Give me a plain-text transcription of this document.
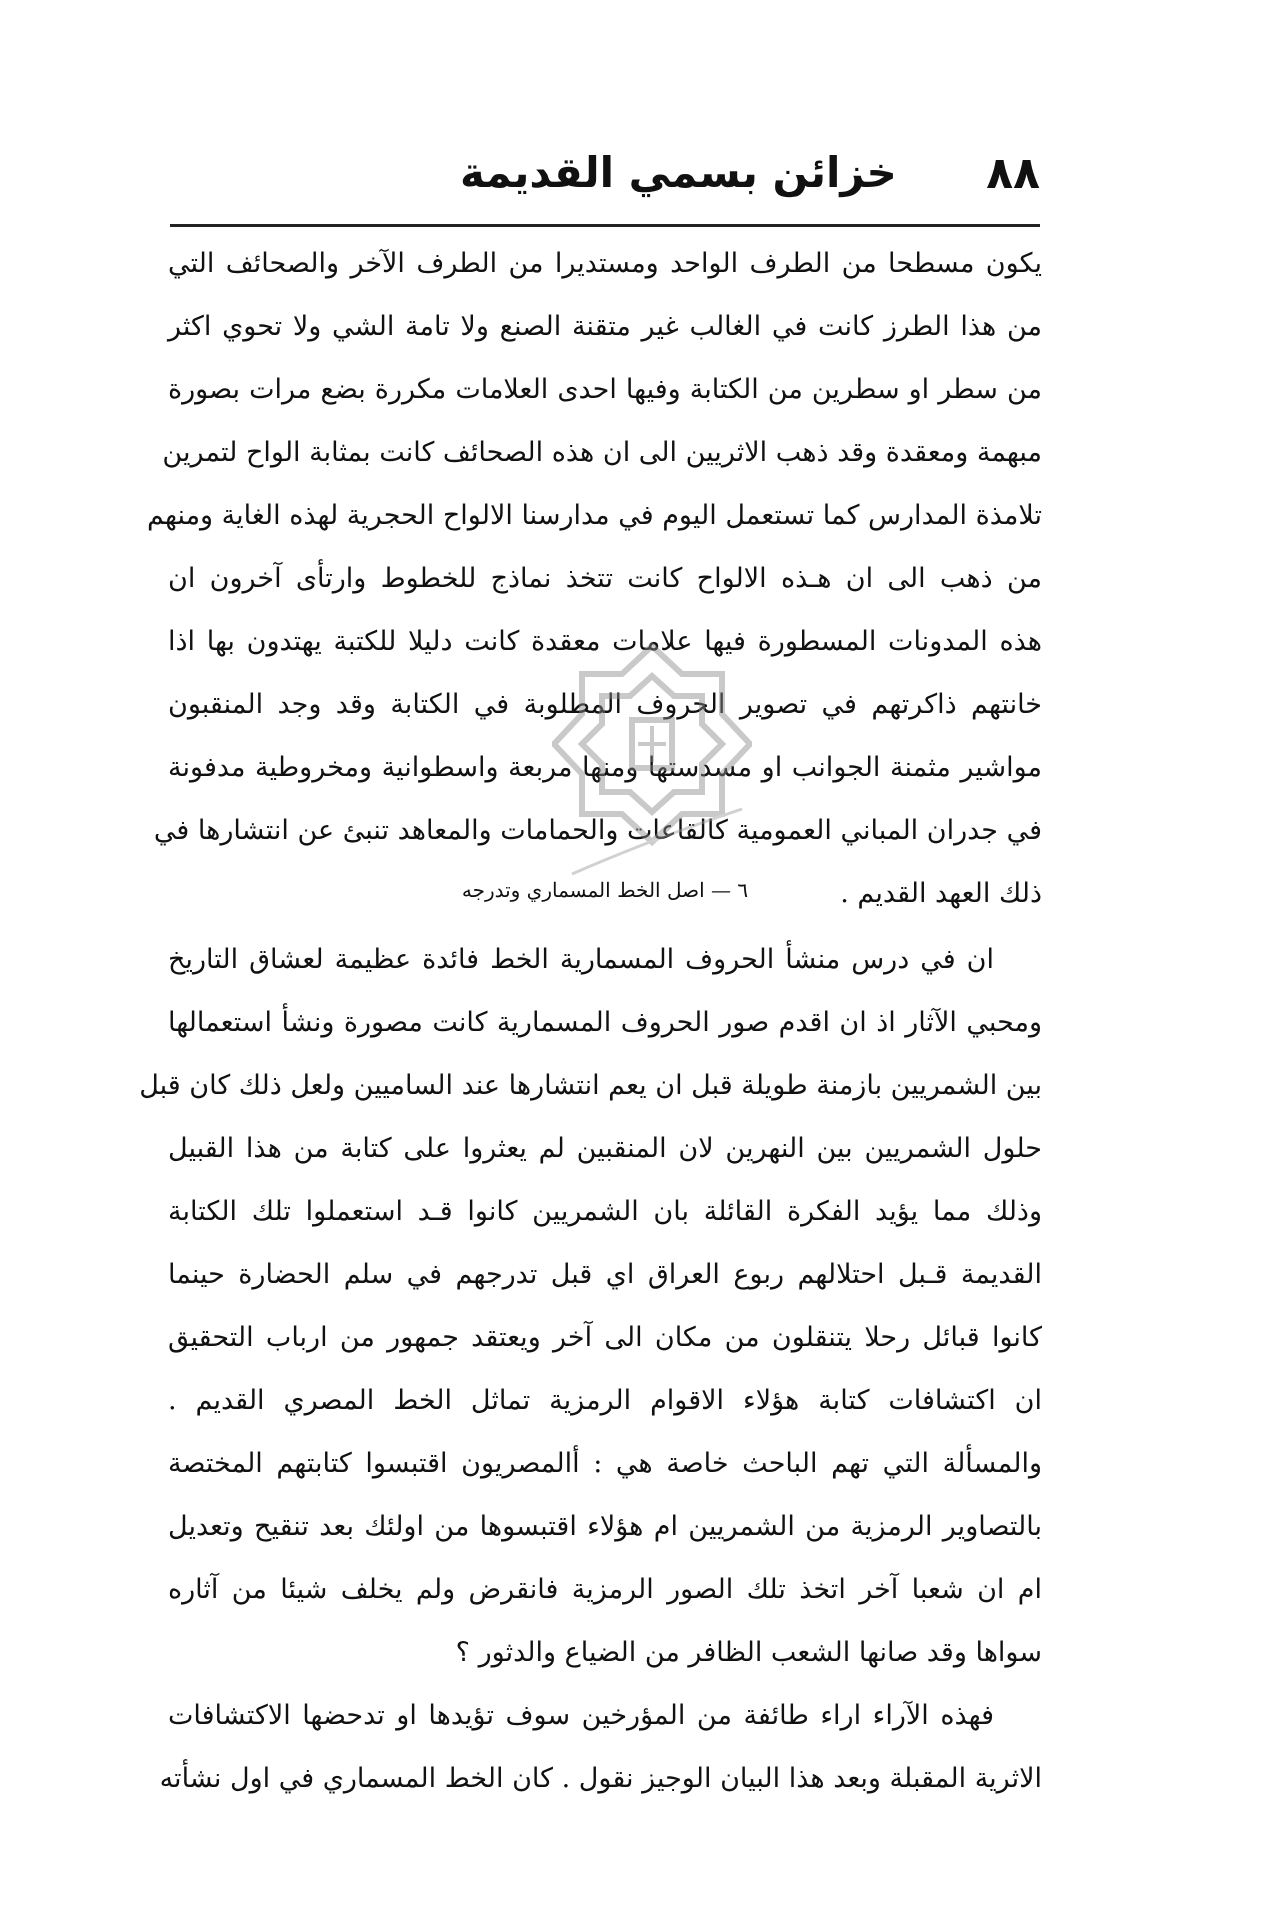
٨٨
خزائن بسمي القديمة
يكون مسطحا من الطرف الواحد ومستديرا من الطرف الآخر والصحائف التي
من هذا الطرز كانت في الغالب غير متقنة الصنع ولا تامة الشي ولا تحوي اكثر
من سطر او سطرين من الكتابة وفيها احدى العلامات مكررة بضع مرات بصورة
مبهمة ومعقدة وقد ذهب الاثريين الى ان هذه الصحائف كانت بمثابة الواح لتمرين
تلامذة المدارس كما تستعمل اليوم في مدارسنا الالواح الحجرية لهذه الغاية ومنهم
من ذهب الى ان هـذه الالواح كانت تتخذ نماذج للخطوط وارتأى آخرون ان
هذه المدونات المسطورة فيها علامات معقدة كانت دليلا للكتبة يهتدون بها اذا
خانتهم ذاكرتهم في تصوير الحروف المطلوبة في الكتابة وقد وجد المنقبون
مواشير مثمنة الجوانب او مسدستها ومنها مربعة واسطوانية ومخروطية مدفونة
في جدران المباني العمومية كالقاعات والحمامات والمعاهد تنبئ عن انتشارها في
ذلك العهد القديم .
٦ — اصل الخط المسماري وتدرجه
ان في درس منشأ الحروف المسمارية الخط فائدة عظيمة لعشاق التاريخ
ومحبي الآثار اذ ان اقدم صور الحروف المسمارية كانت مصورة ونشأ استعمالها
بين الشمريين بازمنة طويلة قبل ان يعم انتشارها عند الساميين ولعل ذلك كان قبل
حلول الشمريين بين النهرين لان المنقبين لم يعثروا على كتابة من هذا القبيل
وذلك مما يؤيد الفكرة القائلة بان الشمريين كانوا قـد استعملوا تلك الكتابة
القديمة قـبل احتلالهم ربوع العراق اي قبل تدرجهم في سلم الحضارة حينما
كانوا قبائل رحلا يتنقلون من مكان الى آخر ويعتقد جمهور من ارباب التحقيق
ان اكتشافات كتابة هؤلاء الاقوام الرمزية تماثل الخط المصري القديم .
والمسألة التي تهم الباحث خاصة هي : أالمصريون اقتبسوا كتابتهم المختصة
بالتصاوير الرمزية من الشمريين ام هؤلاء اقتبسوها من اولئك بعد تنقيح وتعديل
ام ان شعبا آخر اتخذ تلك الصور الرمزية فانقرض ولم يخلف شيئا من آثاره
سواها وقد صانها الشعب الظافر من الضياع والدثور ؟
فهذه الآراء اراء طائفة من المؤرخين سوف تؤيدها او تدحضها الاكتشافات
الاثرية المقبلة وبعد هذا البيان الوجيز نقول . كان الخط المسماري في اول نشأته
